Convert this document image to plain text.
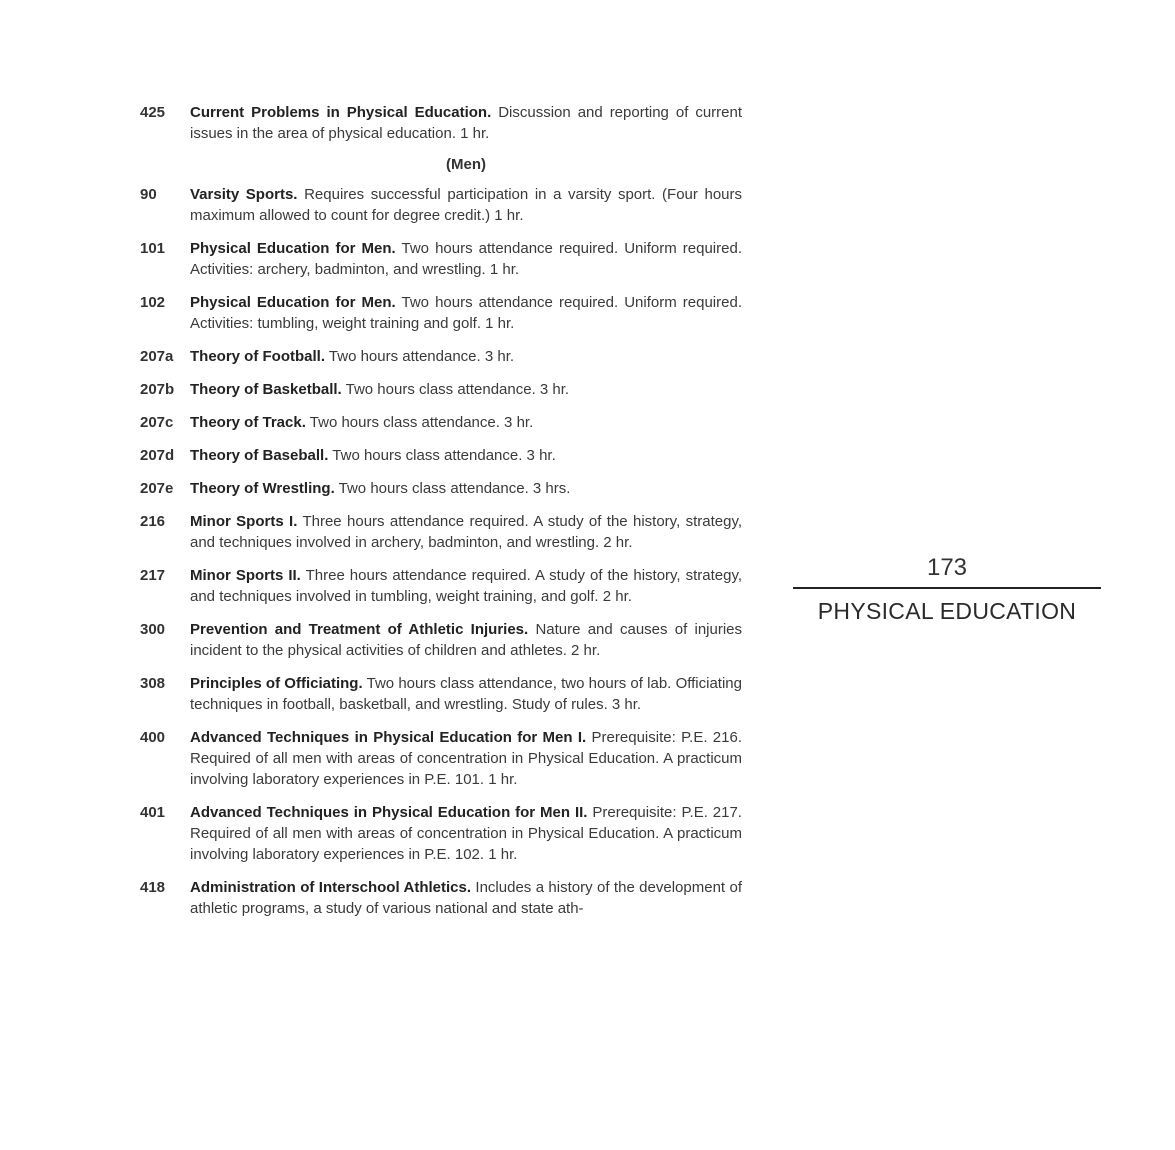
425	Current Problems in Physical Education. Discussion and reporting of current issues in the area of physical education. 1 hr.
(Men)
90	Varsity Sports. Requires successful participation in a varsity sport. (Four hours maximum allowed to count for degree credit.) 1 hr.
101	Physical Education for Men. Two hours attendance required. Uniform required. Activities: archery, badminton, and wrestling. 1 hr.
102	Physical Education for Men. Two hours attendance required. Uniform required. Activities: tumbling, weight training and golf. 1 hr.
207a	Theory of Football. Two hours attendance. 3 hr.
207b	Theory of Basketball. Two hours class attendance. 3 hr.
207c	Theory of Track. Two hours class attendance. 3 hr.
207d	Theory of Baseball. Two hours class attendance. 3 hr.
207e	Theory of Wrestling. Two hours class attendance. 3 hrs.
216	Minor Sports I. Three hours attendance required. A study of the history, strategy, and techniques involved in archery, badminton, and wrestling. 2 hr.
217	Minor Sports II. Three hours attendance required. A study of the history, strategy, and techniques involved in tumbling, weight training, and golf. 2 hr.
300	Prevention and Treatment of Athletic Injuries. Nature and causes of injuries incident to the physical activities of children and athletes. 2 hr.
308	Principles of Officiating. Two hours class attendance, two hours of lab. Officiating techniques in football, basketball, and wrestling. Study of rules. 3 hr.
400	Advanced Techniques in Physical Education for Men I. Prerequisite: P.E. 216. Required of all men with areas of concentration in Physical Education. A practicum involving laboratory experiences in P.E. 101. 1 hr.
401	Advanced Techniques in Physical Education for Men II. Prerequisite: P.E. 217. Required of all men with areas of concentration in Physical Education. A practicum involving laboratory experiences in P.E. 102. 1 hr.
418	Administration of Interschool Athletics. Includes a history of the development of athletic programs, a study of various national and state ath-
173
PHYSICAL EDUCATION
